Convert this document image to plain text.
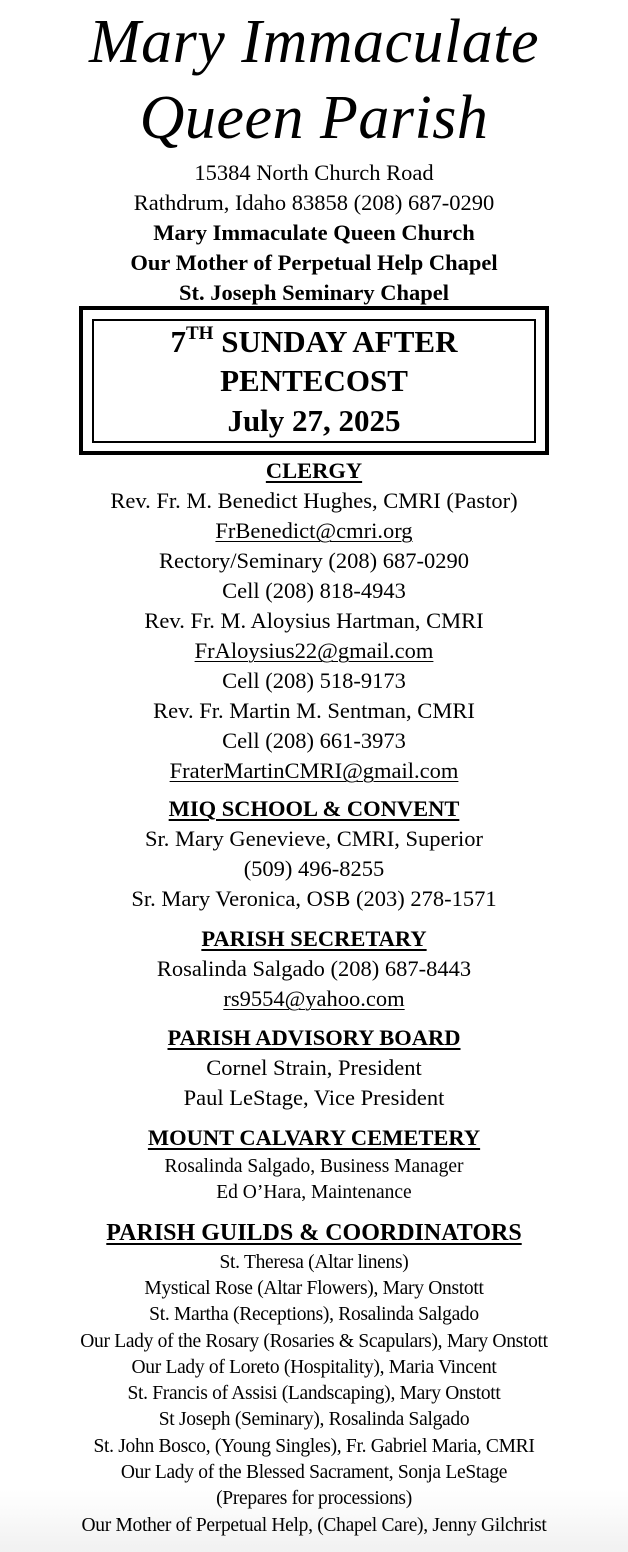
Mary Immaculate
Queen Parish
15384 North Church Road
Rathdrum, Idaho 83858 (208) 687-0290
Mary Immaculate Queen Church
Our Mother of Perpetual Help Chapel
St. Joseph Seminary Chapel
7TH SUNDAY AFTER
PENTECOST
July 27, 2025
CLERGY
Rev. Fr. M. Benedict Hughes, CMRI (Pastor)
FrBenedict@cmri.org
Rectory/Seminary (208) 687-0290
Cell (208) 818-4943
Rev. Fr. M. Aloysius Hartman, CMRI
FrAloysius22@gmail.com
Cell (208) 518-9173
Rev. Fr. Martin M. Sentman, CMRI
Cell (208) 661-3973
FraterMartinCMRI@gmail.com
MIQ SCHOOL & CONVENT
Sr. Mary Genevieve, CMRI, Superior
(509) 496-8255
Sr. Mary Veronica, OSB (203) 278-1571
PARISH SECRETARY
Rosalinda Salgado (208) 687-8443
rs9554@yahoo.com
PARISH ADVISORY BOARD
Cornel Strain, President
Paul LeStage, Vice President
MOUNT CALVARY CEMETERY
Rosalinda Salgado, Business Manager
Ed O’Hara, Maintenance
PARISH GUILDS & COORDINATORS
St. Theresa (Altar linens)
Mystical Rose (Altar Flowers), Mary Onstott
St. Martha (Receptions), Rosalinda Salgado
Our Lady of the Rosary (Rosaries & Scapulars), Mary Onstott
Our Lady of Loreto (Hospitality), Maria Vincent
St. Francis of Assisi (Landscaping), Mary Onstott
St Joseph (Seminary), Rosalinda Salgado
St. John Bosco, (Young Singles), Fr. Gabriel Maria, CMRI
Our Lady of the Blessed Sacrament, Sonja LeStage
(Prepares for processions)
Our Mother of Perpetual Help, (Chapel Care), Jenny Gilchrist
